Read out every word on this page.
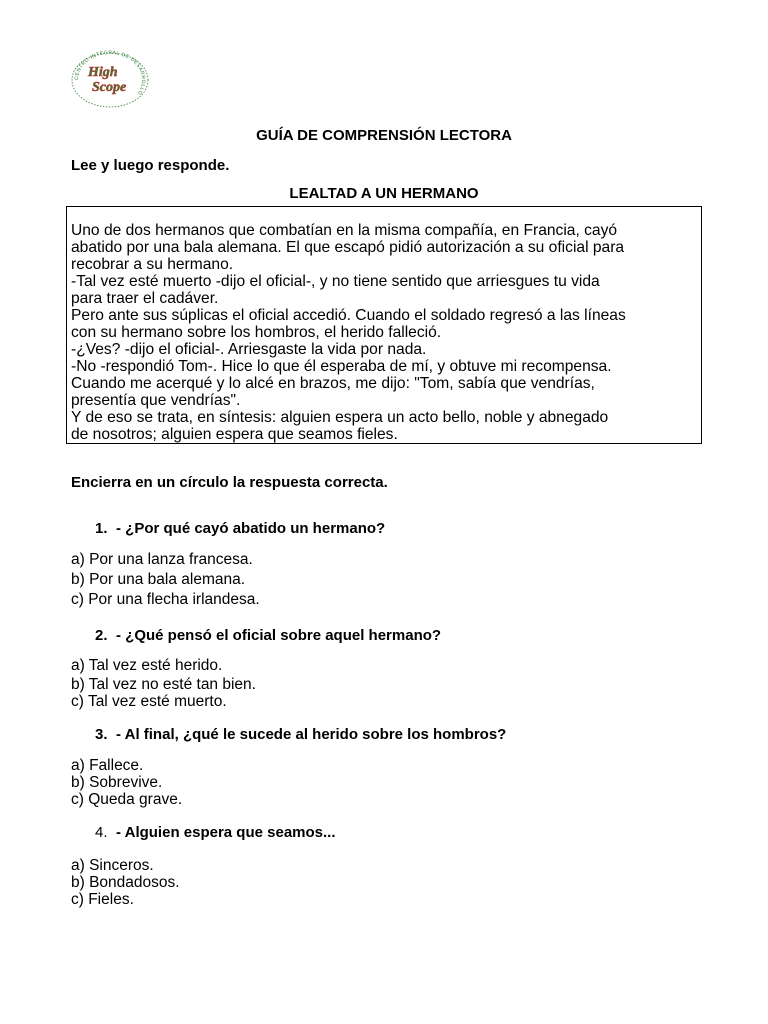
CENTRO INTEGRAL DE DESARROLLO
High
Scope
GUÍA DE COMPRENSIÓN LECTORA
Lee y luego responde.
LEALTAD A UN HERMANO
Uno de dos hermanos que combatían en la misma compañía, en Francia, cayó
abatido por una bala alemana. El que escapó pidió autorización a su oficial para
recobrar a su hermano.
-Tal vez esté muerto -dijo el oficial-, y no tiene sentido que arriesgues tu vida
para traer el cadáver.
Pero ante sus súplicas el oficial accedió. Cuando el soldado regresó a las líneas
con su hermano sobre los hombros, el herido falleció.
-¿Ves? -dijo el oficial-. Arriesgaste la vida por nada.
-No -respondió Tom-. Hice lo que él esperaba de mí, y obtuve mi recompensa.
Cuando me acerqué y lo alcé en brazos, me dijo: "Tom, sabía que vendrías,
presentía que vendrías".
Y de eso se trata, en síntesis: alguien espera un acto bello, noble y abnegado
de nosotros; alguien espera que seamos fieles.
Encierra en un círculo la respuesta correcta.
1. - ¿Por qué cayó abatido un hermano?
a) Por una lanza francesa.
b) Por una bala alemana.
c) Por una flecha irlandesa.
2. - ¿Qué pensó el oficial sobre aquel hermano?
a) Tal vez esté herido.
b) Tal vez no esté tan bien.
c) Tal vez esté muerto.
3. - Al final, ¿qué le sucede al herido sobre los hombros?
a) Fallece.
b) Sobrevive.
c) Queda grave.
4. - Alguien espera que seamos...
a) Sinceros.
b) Bondadosos.
c) Fieles.
